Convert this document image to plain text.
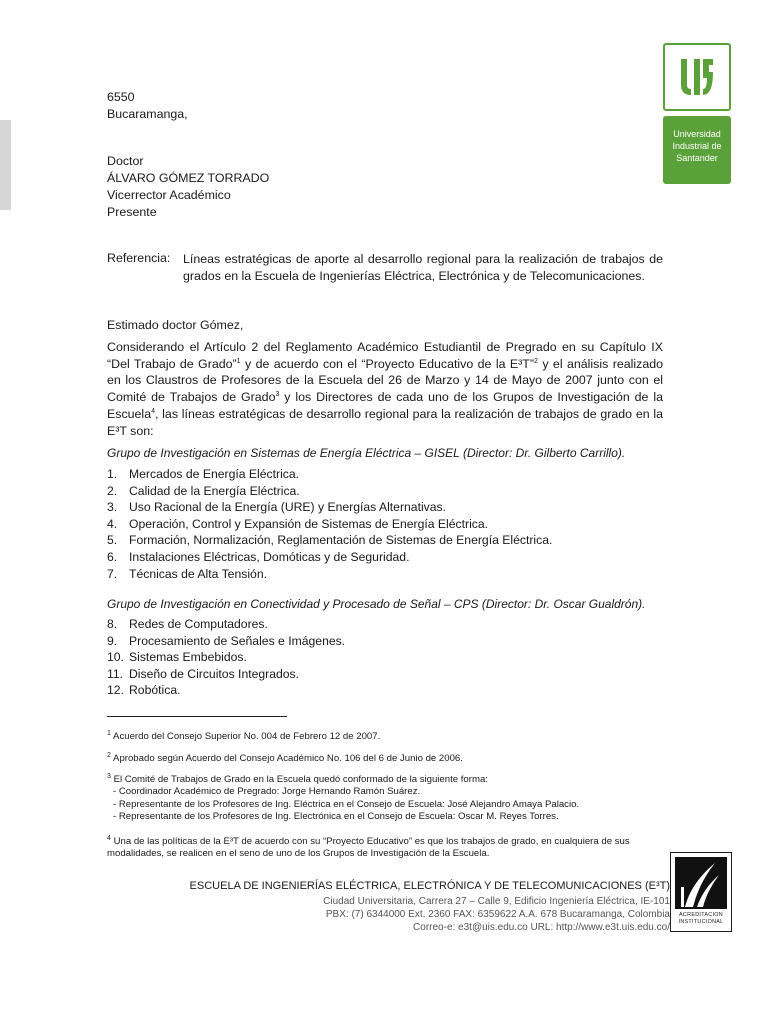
Universidad
Industrial de
Santander
6550
Bucaramanga,
Doctor
ÁLVARO GÓMEZ TORRADO
Vicerrector Académico
Presente
Referencia: Líneas estratégicas de aporte al desarrollo regional para la realización de trabajos de grados en la Escuela de Ingenierías Eléctrica, Electrónica y de Telecomunicaciones.
Estimado doctor Gómez,
Considerando el Artículo 2 del Reglamento Académico Estudiantil de Pregrado en su Capítulo IX “Del Trabajo de Grado”$^1$ y de acuerdo con el “Proyecto Educativo de la E³T”$^2$ y el análisis realizado en los Claustros de Profesores de la Escuela del 26 de Marzo y 14 de Mayo de 2007 junto con el Comité de Trabajos de Grado$^3$ y los Directores de cada uno de los Grupos de Investigación de la Escuela$^4$, las líneas estratégicas de desarrollo regional para la realización de trabajos de grado en la E³T son:
Grupo de Investigación en Sistemas de Energía Eléctrica – GISEL (Director: Dr. Gilberto Carrillo).
1. Mercados de Energía Eléctrica.
2. Calidad de la Energía Eléctrica.
3. Uso Racional de la Energía (URE) y Energías Alternativas.
4. Operación, Control y Expansión de Sistemas de Energía Eléctrica.
5. Formación, Normalización, Reglamentación de Sistemas de Energía Eléctrica.
6. Instalaciones Eléctricas, Domóticas y de Seguridad.
7. Técnicas de Alta Tensión.
Grupo de Investigación en Conectividad y Procesado de Señal – CPS (Director: Dr. Oscar Gualdrón).
8. Redes de Computadores.
9. Procesamiento de Señales e Imágenes.
10. Sistemas Embebidos.
11. Diseño de Circuitos Integrados.
12. Robótica.
$^1$ Acuerdo del Consejo Superior No. 004 de Febrero 12 de 2007.
$^2$ Aprobado según Acuerdo del Consejo Académico No. 106 del 6 de Junio de 2006.
$^3$ El Comité de Trabajos de Grado en la Escuela quedó conformado de la siguiente forma:
- Coordinador Académico de Pregrado: Jorge Hernando Ramón Suárez.
- Representante de los Profesores de Ing. Eléctrica en el Consejo de Escuela: José Alejandro Amaya Palacio.
- Representante de los Profesores de Ing. Electrónica en el Consejo de Escuela: Oscar M. Reyes Torres.
$^4$ Una de las políticas de la E³T de acuerdo con su “Proyecto Educativo” es que los trabajos de grado, en cualquiera de sus modalidades, se realicen en el seno de uno de los Grupos de Investigación de la Escuela.
ESCUELA DE INGENIERÍAS ELÉCTRICA, ELECTRÓNICA Y DE TELECOMUNICACIONES (E³T)
Ciudad Universitaria, Carrera 27 – Calle 9, Edificio Ingeniería Eléctrica, IE-101
PBX: (7) 6344000 Ext. 2360 FAX: 6359622 A.A. 678 Bucaramanga, Colombia
Correo-e: e3t@uis.edu.co URL: http://www.e3t.uis.edu.co/
ACREDITACION
INSTITUCIONAL
